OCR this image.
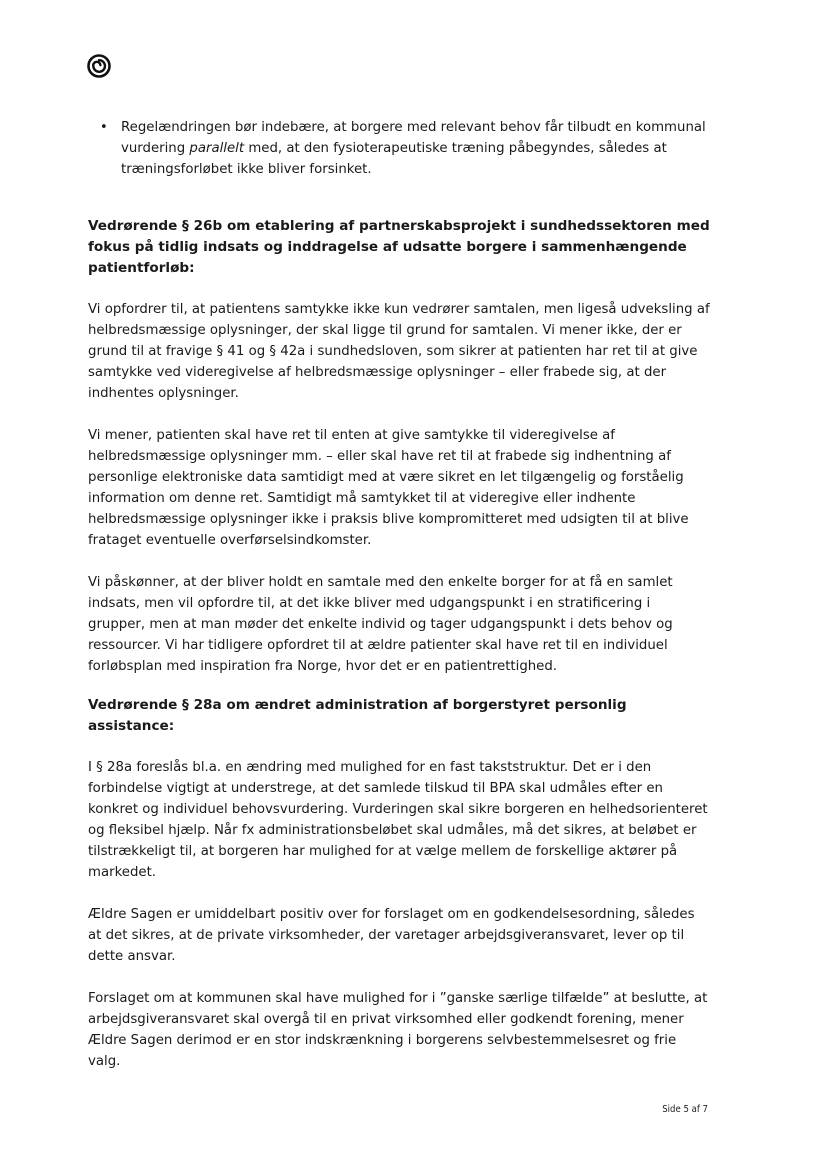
• Regelændringen bør indebære, at borgere med relevant behov får tilbudt en kommunal vurdering parallelt med, at den fysioterapeutiske træning påbegyndes, således at træningsforløbet ikke bliver forsinket.
Vedrørende § 26b om etablering af partnerskabsprojekt i sundhedssektoren med fokus på tidlig indsats og inddragelse af udsatte borgere i sammenhængende patientforløb:

Vi opfordrer til, at patientens samtykke ikke kun vedrører samtalen, men ligeså udveksling af helbredsmæssige oplysninger, der skal ligge til grund for samtalen. Vi mener ikke, der er grund til at fravige § 41 og § 42a i sundhedsloven, som sikrer at patienten har ret til at give samtykke ved videregivelse af helbredsmæssige oplysninger – eller frabede sig, at der indhentes oplysninger.

Vi mener, patienten skal have ret til enten at give samtykke til videregivelse af helbredsmæssige oplysninger mm. – eller skal have ret til at frabede sig indhentning af personlige elektroniske data samtidigt med at være sikret en let tilgængelig og forståelig information om denne ret. Samtidigt må samtykket til at videregive eller indhente helbredsmæssige oplysninger ikke i praksis blive kompromitteret med udsigten til at blive frataget eventuelle overførselsindkomster.

Vi påskønner, at der bliver holdt en samtale med den enkelte borger for at få en samlet indsats, men vil opfordre til, at det ikke bliver med udgangspunkt i en stratificering i grupper, men at man møder det enkelte individ og tager udgangspunkt i dets behov og ressourcer. Vi har tidligere opfordret til at ældre patienter skal have ret til en individuel forløbsplan med inspiration fra Norge, hvor det er en patientrettighed.

Vedrørende § 28a om ændret administration af borgerstyret personlig assistance:

I § 28a foreslås bl.a. en ændring med mulighed for en fast takststruktur. Det er i den forbindelse vigtigt at understrege, at det samlede tilskud til BPA skal udmåles efter en konkret og individuel behovsvurdering. Vurderingen skal sikre borgeren en helhedsorienteret og fleksibel hjælp. Når fx administrationsbeløbet skal udmåles, må det sikres, at beløbet er tilstrækkeligt til, at borgeren har mulighed for at vælge mellem de forskellige aktører på markedet.

Ældre Sagen er umiddelbart positiv over for forslaget om en godkendelsesordning, således at det sikres, at de private virksomheder, der varetager arbejdsgiveransvaret, lever op til dette ansvar.

Forslaget om at kommunen skal have mulighed for i ”ganske særlige tilfælde” at beslutte, at arbejdsgiveransvaret skal overgå til en privat virksomhed eller godkendt forening, mener Ældre Sagen derimod er en stor indskrænkning i borgerens selvbestemmelsesret og frie valg.

Side 5 af 7
